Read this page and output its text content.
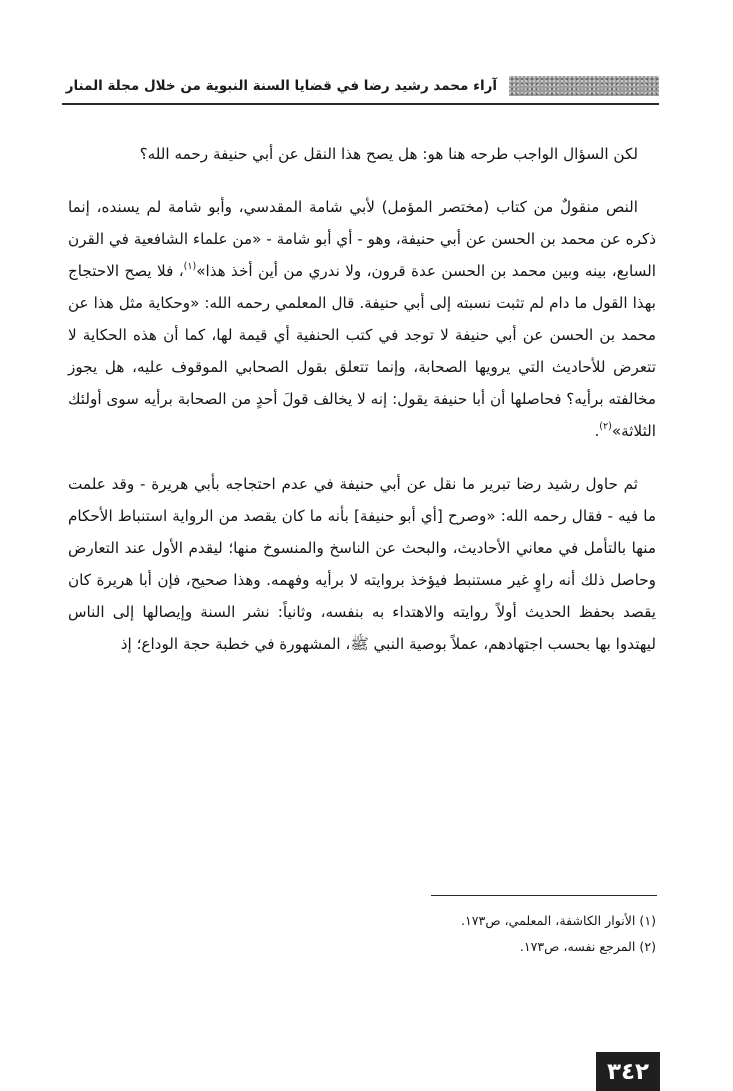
آراء محمد رشيد رضا في قضايا السنة النبوية من خلال مجلة المنار

لكن السؤال الواجب طرحه هنا هو: هل يصح هذا النقل عن أبي حنيفة رحمه الله؟

النص منقولٌ من كتاب (مختصر المؤمل) لأبي شامة المقدسي، وأبو شامة لم يسنده، إنما ذكره عن محمد بن الحسن عن أبي حنيفة، وهو - أي أبو شامة - «من علماء الشافعية في القرن السابع، بينه وبين محمد بن الحسن عدة قرون، ولا ندري من أين أخذ هذا»$^{(١)}$، فلا يصح الاحتجاج بهذا القول ما دام لم تثبت نسبته إلى أبي حنيفة. قال المعلمي رحمه الله: «وحكاية مثل هذا عن محمد بن الحسن عن أبي حنيفة لا توجد في كتب الحنفية أي قيمة لها، كما أن هذه الحكاية لا تتعرض للأحاديث التي يرويها الصحابة، وإنما تتعلق بقول الصحابي الموقوف عليه، هل يجوز مخالفته برأيه؟ فحاصلها أن أبا حنيفة يقول: إنه لا يخالف قولَ أحدٍ من الصحابة برأيه سوى أولئك الثلاثة»$^{(٢)}$.

ثم حاول رشيد رضا تبرير ما نقل عن أبي حنيفة في عدم احتجاجه بأبي هريرة - وقد علمت ما فيه - فقال رحمه الله: «وصرح [أي أبو حنيفة] بأنه ما كان يقصد من الرواية استنباط الأحكام منها بالتأمل في معاني الأحاديث، والبحث عن الناسخ والمنسوخ منها؛ ليقدم الأول عند التعارض وحاصل ذلك أنه راوٍ غير مستنبط فيؤخذ بروايته لا برأيه وفهمه. وهذا صحيح، فإن أبا هريرة كان يقصد بحفظ الحديث أولاً روايته والاهتداء به بنفسه، وثانياً: نشر السنة وإيصالها إلى الناس ليهتدوا بها بحسب اجتهادهم، عملاً بوصية النبي ﷺ، المشهورة في خطبة حجة الوداع؛ إذ

(١) الأنوار الكاشفة، المعلمي، ص١٧٣.

(٢) المرجع نفسه، ص١٧٣.

٣٤٢
